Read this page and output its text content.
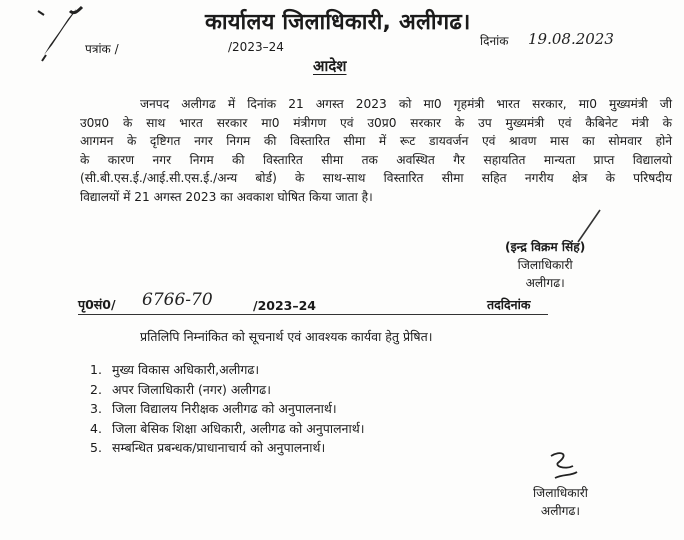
कार्यालय जिलाधिकारी, अलीगढ।
पत्रांक /	/2023–24	दिनांक 19.08.2023
आदेश
जनपद अलीगढ में दिनांक 21 अगस्त 2023 को मा0 गृहमंत्री भारत सरकार, मा0 मुख्यमंत्री जी
उ0प्र0 के साथ भारत सरकार मा0 मंत्रीगण एवं उ0प्र0 सरकार के उप मुख्यमंत्री एवं कैबिनेट मंत्री के
आगमन के दृष्टिगत नगर निगम की विस्तारित सीमा में रूट डायवर्जन एवं श्रावण मास का सोमवार होने
के कारण नगर निगम की विस्तारित सीमा तक अवस्थित गैर सहायतित मान्यता प्राप्त विद्यालयो
(सी.बी.एस.ई./आई.सी.एस.ई./अन्य बोर्ड) के साथ-साथ विस्तारित सीमा सहित नगरीय क्षेत्र के परिषदीय
विद्यालयों में 21 अगस्त 2023 का अवकाश घोषित किया जाता है।
(इन्द्र विक्रम सिंह)
जिलाधिकारी
अलीगढ।
पृ0सं0/ 6766-70	/2023–24	तददिनांक
प्रतिलिपि निम्नांकित को सूचनार्थ एवं आवश्यक कार्यवा हेतु प्रेषित।
1. मुख्य विकास अधिकारी,अलीगढ।
2. अपर जिलाधिकारी (नगर) अलीगढ।
3. जिला विद्यालय निरीक्षक अलीगढ को अनुपालनार्थ।
4. जिला बेसिक शिक्षा अधिकारी, अलीगढ को अनुपालनार्थ।
5. सम्बन्धित प्रबन्धक/प्राधानाचार्य को अनुपालनार्थ।
जिलाधिकारी
अलीगढ।
